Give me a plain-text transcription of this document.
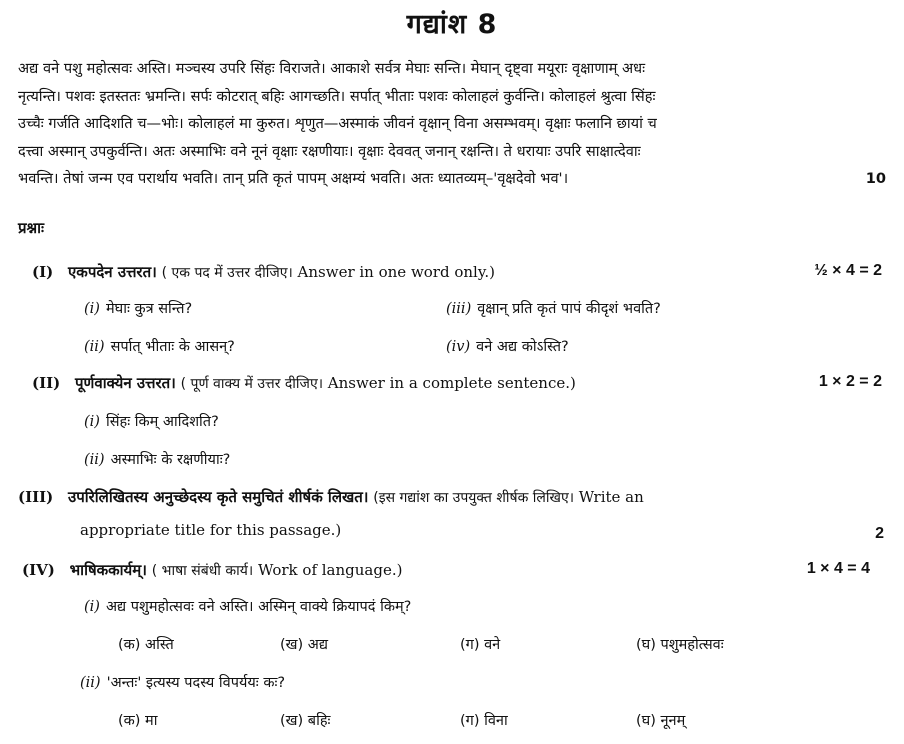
गद्यांश 8
अद्य वने पशु महोत्सवः अस्ति। मञ्चस्य उपरि सिंहः विराजते। आकाशे सर्वत्र मेघाः सन्ति। मेघान् दृष्ट्वा मयूराः वृक्षाणाम् अधः
नृत्यन्ति। पशवः इतस्ततः भ्रमन्ति। सर्पः कोटरात् बहिः आगच्छति। सर्पात् भीताः पशवः कोलाहलं कुर्वन्ति। कोलाहलं श्रुत्वा सिंहः
उच्चैः गर्जति आदिशति च—भोः। कोलाहलं मा कुरुत। शृणुत—अस्माकं जीवनं वृक्षान् विना असम्भवम्। वृक्षाः फलानि छायां च
दत्त्वा अस्मान् उपकुर्वन्ति। अतः अस्माभिः वने नूनं वृक्षाः रक्षणीयाः। वृक्षाः देववत् जनान् रक्षन्ति। ते धरायाः उपरि साक्षात्देवाः
भवन्ति। तेषां जन्म एव परार्थाय भवति। तान् प्रति कृतं पापम् अक्षम्यं भवति। अतः ध्यातव्यम्–'वृक्षदेवो भव'।	10
प्रश्नाः
(I) एकपदेन उत्तरत। ( एक पद में उत्तर दीजिए। Answer in one word only.)	½ × 4 = 2
(i) मेघाः कुत्र सन्ति?
(ii) सर्पात् भीताः के आसन्?
(iii) वृक्षान् प्रति कृतं पापं कीदृशं भवति?
(iv) वने अद्य कोऽस्ति?
(II) पूर्णवाक्येन उत्तरत। ( पूर्ण वाक्य में उत्तर दीजिए। Answer in a complete sentence.)	1 × 2 = 2
(i) सिंहः किम् आदिशति?
(ii) अस्माभिः के रक्षणीयाः?
(III) उपरिलिखितस्य अनुच्छेदस्य कृते समुचितं शीर्षकं लिखत। (इस गद्यांश का उपयुक्त शीर्षक लिखिए। Write an
appropriate title for this passage.)	2
(IV) भाषिककार्यम्। ( भाषा संबंधी कार्य। Work of language.)	1 × 4 = 4
(i) अद्य पशुमहोत्सवः वने अस्ति। अस्मिन् वाक्ये क्रियापदं किम्?
(क) अस्ति	(ख) अद्य	(ग) वने	(घ) पशुमहोत्सवः
(ii) 'अन्तः' इत्यस्य पदस्य विपर्ययः कः?
(क) मा	(ख) बहिः	(ग) विना	(घ) नूनम्
